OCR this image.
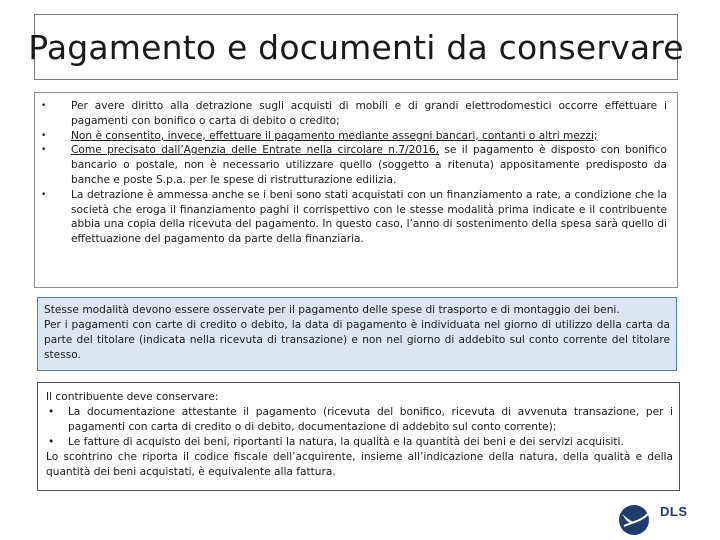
Pagamento e documenti da conservare
• Per avere diritto alla detrazione sugli acquisti di mobili e di grandi elettrodomestici occorre effettuare i pagamenti con bonifico o carta di debito o credito;
• Non è consentito, invece, effettuare il pagamento mediante assegni bancari, contanti o altri mezzi;
• Come precisato dall’Agenzia delle Entrate nella circolare n.7/2016, se il pagamento è disposto con bonifico bancario o postale, non è necessario utilizzare quello (soggetto a ritenuta) appositamente predisposto da banche e poste S.p.a. per le spese di ristrutturazione edilizia.
• La detrazione è ammessa anche se i beni sono stati acquistati con un finanziamento a rate, a condizione che la società che eroga il finanziamento paghi il corrispettivo con le stesse modalità prima indicate e il contribuente abbia una copia della ricevuta del pagamento. In questo caso, l’anno di sostenimento della spesa sarà quello di effettuazione del pagamento da parte della finanziaria.

Stesse modalità devono essere osservate per il pagamento delle spese di trasporto e di montaggio dei beni.

Per i pagamenti con carte di credito o debito, la data di pagamento è individuata nel giorno di utilizzo della carta da parte del titolare (indicata nella ricevuta di transazione) e non nel giorno di addebito sul conto corrente del titolare stesso.

Il contribuente deve conservare:

• La documentazione attestante il pagamento (ricevuta del bonifico, ricevuta di avvenuta transazione, per i pagamenti con carta di credito o di debito, documentazione di addebito sul conto corrente);

• Le fatture di acquisto dei beni, riportanti la natura, la qualità e la quantità dei beni e dei servizi acquisiti.

Lo scontrino che riporta il codice fiscale dell’acquirente, insieme all’indicazione della natura, della qualità e della quantità dei beni acquistati, è equivalente alla fattura.

DLS
